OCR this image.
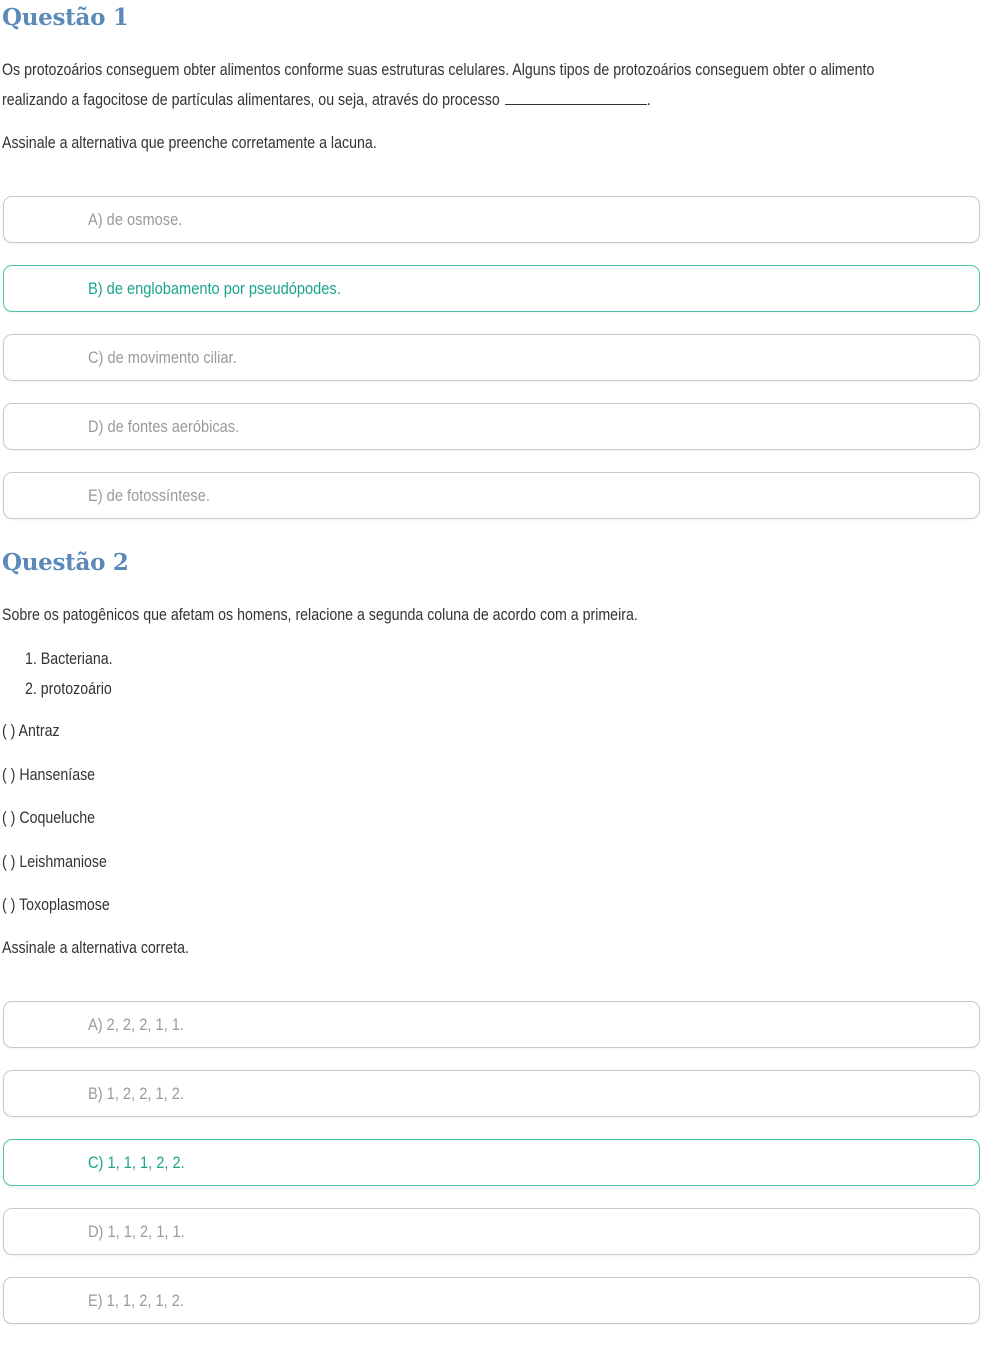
Questão 1
Os protozoários conseguem obter alimentos conforme suas estruturas celulares. Alguns tipos de protozoários conseguem obter o alimento
realizando a fagocitose de partículas alimentares, ou seja, através do processo	.
Assinale a alternativa que preenche corretamente a lacuna.
A) de osmose.
B) de englobamento por pseudópodes.
C) de movimento ciliar.
D) de fontes aeróbicas.
E) de fotossíntese.
Questão 2
Sobre os patogênicos que afetam os homens, relacione a segunda coluna de acordo com a primeira.
1. Bacteriana.
2. protozoário
( ) Antraz
( ) Hanseníase
( ) Coqueluche
( ) Leishmaniose
( ) Toxoplasmose
Assinale a alternativa correta.
A) 2, 2, 2, 1, 1.
B) 1, 2, 2, 1, 2.
C) 1, 1, 1, 2, 2.
D) 1, 1, 2, 1, 1.
E) 1, 1, 2, 1, 2.
